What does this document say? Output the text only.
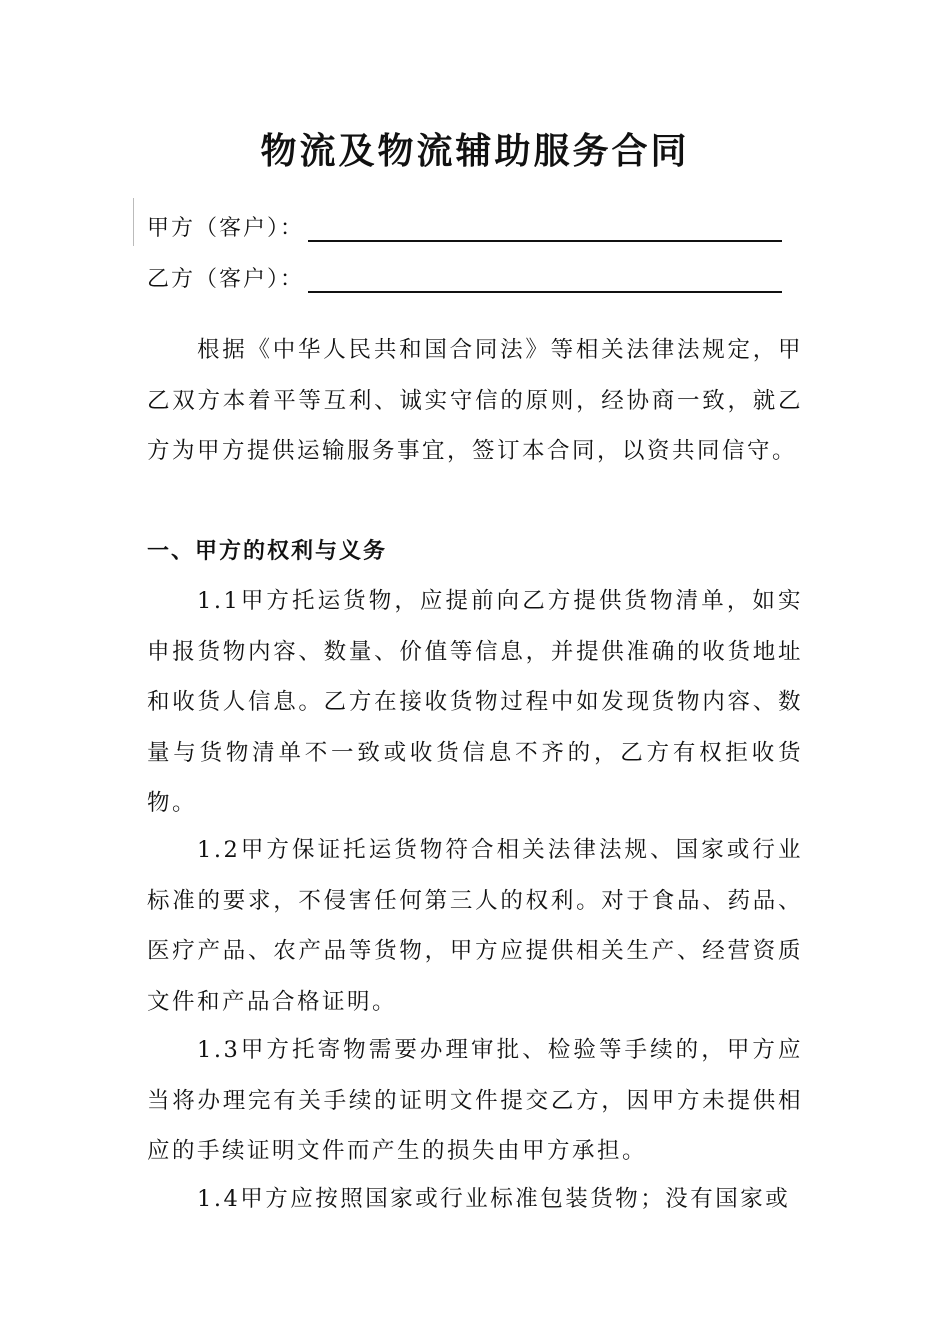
物流及物流辅助服务合同
甲方（客户）：
乙方（客户）：

根据《中华人民共和国合同法》等相关法律法规定，甲乙双方本着平等互利、诚实守信的原则，经协商一致，就乙方为甲方提供运输服务事宜，签订本合同，以资共同信守。

一、甲方的权利与义务

1.1甲方托运货物，应提前向乙方提供货物清单，如实申报货物内容、数量、价值等信息，并提供准确的收货地址和收货人信息。乙方在接收货物过程中如发现货物内容、数量与货物清单不一致或收货信息不齐的，乙方有权拒收货物。

1.2甲方保证托运货物符合相关法律法规、国家或行业标准的要求，不侵害任何第三人的权利。对于食品、药品、医疗产品、农产品等货物，甲方应提供相关生产、经营资质文件和产品合格证明。

1.3甲方托寄物需要办理审批、检验等手续的，甲方应当将办理完有关手续的证明文件提交乙方，因甲方未提供相应的手续证明文件而产生的损失由甲方承担。

1.4甲方应按照国家或行业标准包装货物；没有国家或
